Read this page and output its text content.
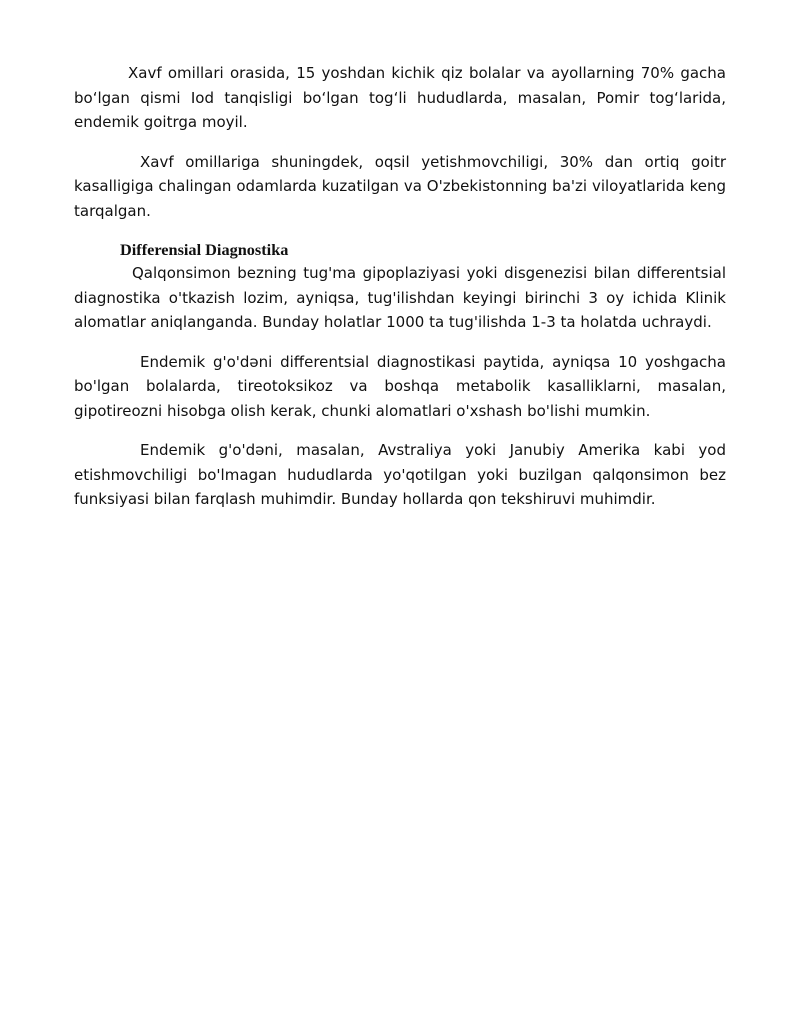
Xavf omillari orasida, 15 yoshdan kichik qiz bolalar va ayollarning 70% gacha bo‘lgan qismi Iod tanqisligi bo‘lgan tog‘li hududlarda, masalan, Pomir tog‘larida, endemik goitrga moyil.

Xavf omillariga shuningdek, oqsil yetishmovchiligi, 30% dan ortiq goitr kasalligiga chalingan odamlarda kuzatilgan va O'zbekistonning ba'zi viloyatlarida keng tarqalgan.

Differensial Diagnostika

Qalqonsimon bezning tug'ma gipoplaziyasi yoki disgenezisi bilan differentsial diagnostika o'tkazish lozim, ayniqsa, tug'ilishdan keyingi birinchi 3 oy ichida Klinik alomatlar aniqlanganda. Bunday holatlar 1000 ta tug'ilishda 1-3 ta holatda uchraydi.

Endemik g'o'dəni differentsial diagnostikasi paytida, ayniqsa 10 yoshgacha bo'lgan bolalarda, tireotoksikoz va boshqa metabolik kasalliklarni, masalan, gipotireozni hisobga olish kerak, chunki alomatlari o'xshash bo'lishi mumkin.

Endemik g'o'dəni, masalan, Avstraliya yoki Janubiy Amerika kabi yod etishmovchiligi bo'lmagan hududlarda yo'qotilgan yoki buzilgan qalqonsimon bez funksiyasi bilan farqlash muhimdir. Bunday hollarda qon tekshiruvi muhimdir.
